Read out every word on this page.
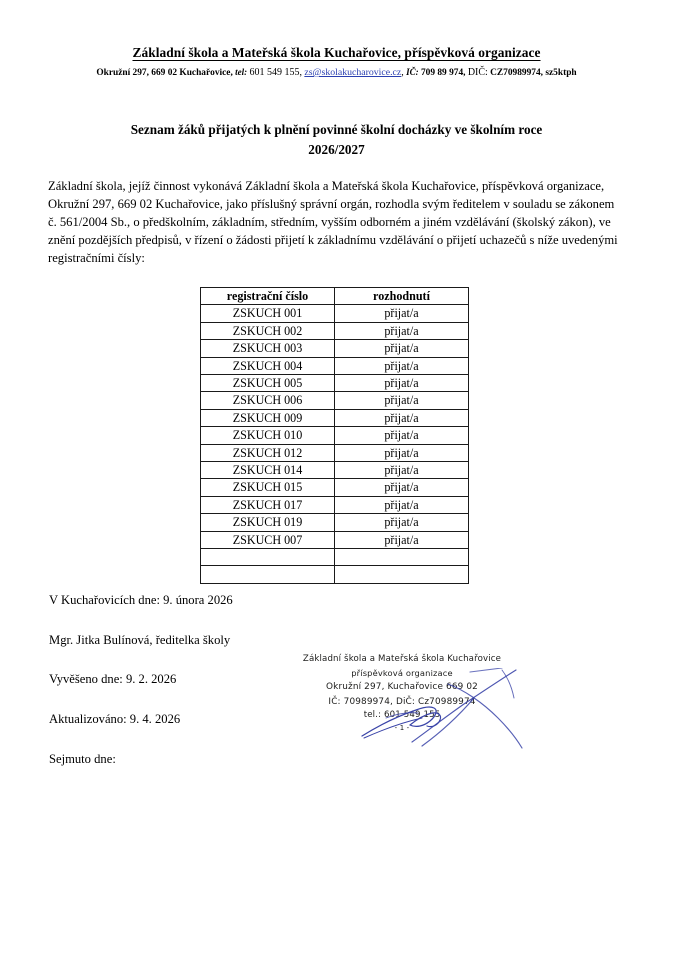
Základní škola a Mateřská škola Kuchařovice, příspěvková organizace
Okružní 297, 669 02 Kuchařovice, tel: 601 549 155, zs@skolakucharovice.cz, IČ: 709 89 974, DIČ: CZ70989974, sz5ktph
Seznam žáků přijatých k plnění povinné školní docházky ve školním roce
2026/2027
Základní škola, jejíž činnost vykonává Základní škola a Mateřská škola Kuchařovice, příspěvková organizace, Okružní 297, 669 02 Kuchařovice, jako příslušný správní orgán, rozhodla svým ředitelem v souladu se zákonem č. 561/2004 Sb., o předškolním, základním, středním, vyšším odborném a jiném vzdělávání (školský zákon), ve znění pozdějších předpisů, v řízení o žádosti přijetí k základnímu vzdělávání o přijetí uchazečů s níže uvedenými registračními čísly:
registrační číslo	rozhodnutí
ZSKUCH 001	přijat/a
ZSKUCH 002	přijat/a
ZSKUCH 003	přijat/a
ZSKUCH 004	přijat/a
ZSKUCH 005	přijat/a
ZSKUCH 006	přijat/a
ZSKUCH 009	přijat/a
ZSKUCH 010	přijat/a
ZSKUCH 012	přijat/a
ZSKUCH 014	přijat/a
ZSKUCH 015	přijat/a
ZSKUCH 017	přijat/a
ZSKUCH 019	přijat/a
ZSKUCH 007	přijat/a

V Kuchařovicích dne: 9. února 2026
Mgr. Jitka Bulínová, ředitelka školy
Vyvěšeno dne: 9. 2. 2026
Aktualizováno: 9. 4. 2026
Sejmuto dne:
Základní škola a Mateřská škola Kuchařovice
příspěvková organizace
Okružní 297, Kuchařovice 669 02
IČ: 70989974, DiČ: Cz70989974
tel.: 601 549 155
- 1 -
